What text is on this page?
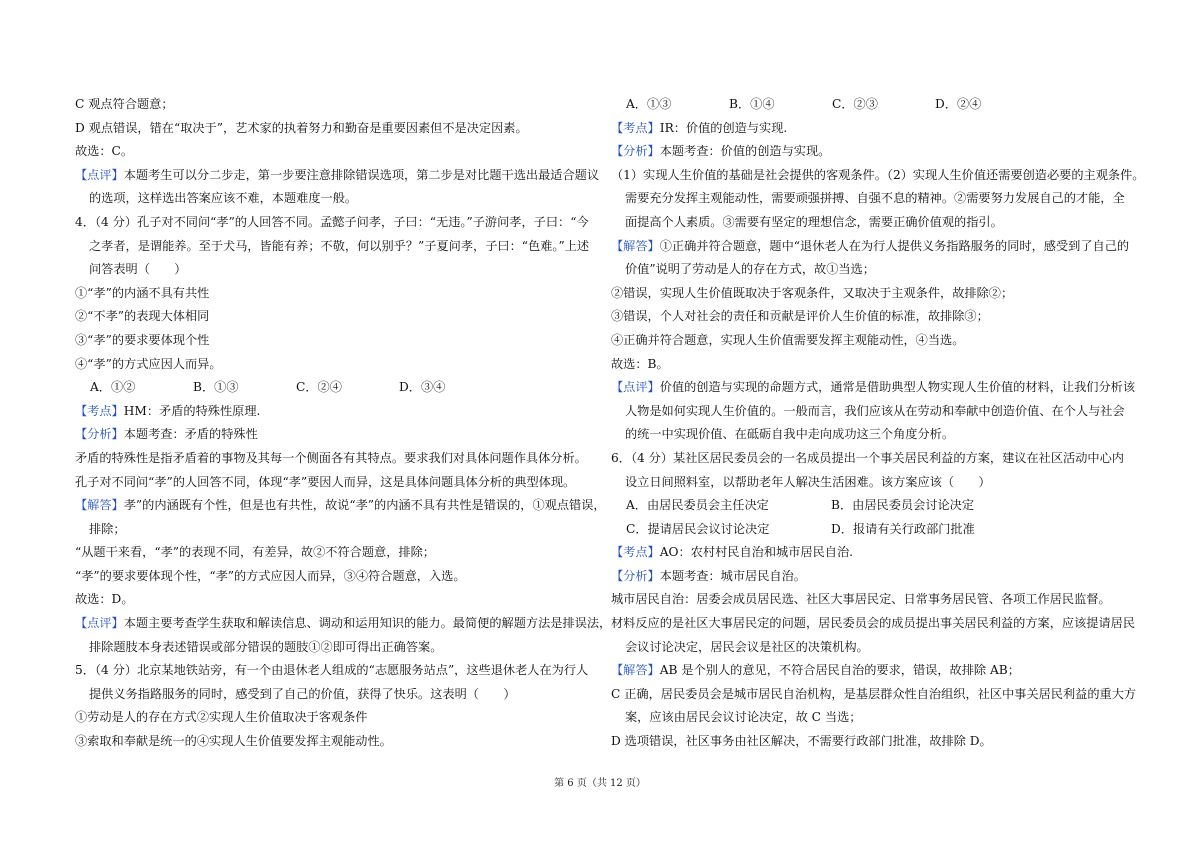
C 观点符合题意；
D 观点错误，错在“取决于”，艺术家的执着努力和勤奋是重要因素但不是决定因素。
故选：C。
【点评】本题考生可以分二步走，第一步要注意排除错误选项，第二步是对比题干选出最适合题议
的选项，这样选出答案应该不难，本题难度一般。
4．（4 分）孔子对不同问“孝”的人回答不同。孟懿子问孝，子曰：“无违。”子游问孝，子曰：“今
之孝者，是谓能养。至于犬马，皆能有养；不敬，何以别乎？”子夏问孝，子曰：“色难。”上述
问答表明（　　）
①“孝”的内涵不具有共性
②“不孝”的表现大体相同
③“孝”的要求要体现个性
④“孝”的方式应因人而异。
A．①②	B．①③	C．②④	D．③④
【考点】HM：矛盾的特殊性原理.
【分析】本题考查：矛盾的特殊性
矛盾的特殊性是指矛盾着的事物及其每一个侧面各有其特点。要求我们对具体问题作具体分析。
孔子对不同问“孝”的人回答不同，体现“孝”要因人而异，这是具体问题具体分析的典型体现。
【解答】孝”的内涵既有个性，但是也有共性，故说“孝”的内涵不具有共性是错误的，①观点错误，
排除；
“从题干来看，“孝”的表现不同，有差异，故②不符合题意，排除；
“孝”的要求要体现个性，“孝”的方式应因人而异，③④符合题意，入选。
故选：D。
【点评】本题主要考查学生获取和解读信息、调动和运用知识的能力。最简便的解题方法是排误法，
排除题肢本身表述错误或部分错误的题肢①②即可得出正确答案。
5．（4 分）北京某地铁站旁，有一个由退休老人组成的“志愿服务站点”，这些退休老人在为行人
提供义务指路服务的同时，感受到了自己的价值，获得了快乐。这表明（　　）
①劳动是人的存在方式②实现人生价值取决于客观条件
③索取和奉献是统一的④实现人生价值要发挥主观能动性。
A．①③	B．①④	C．②③	D．②④
【考点】IR：价值的创造与实现.
【分析】本题考查：价值的创造与实现。
（1）实现人生价值的基础是社会提供的客观条件。（2）实现人生价值还需要创造必要的主观条件。
需要充分发挥主观能动性，需要顽强拼搏、自强不息的精神。②需要努力发展自己的才能，全
面提高个人素质。③需要有坚定的理想信念，需要正确价值观的指引。
【解答】①正确并符合题意，题中“退休老人在为行人提供义务指路服务的同时，感受到了自己的
价值”说明了劳动是人的存在方式，故①当选；
②错误，实现人生价值既取决于客观条件，又取决于主观条件，故排除②；
③错误，个人对社会的责任和贡献是评价人生价值的标准，故排除③；
④正确并符合题意，实现人生价值需要发挥主观能动性，④当选。
故选：B。
【点评】价值的创造与实现的命题方式，通常是借助典型人物实现人生价值的材料，让我们分析该
人物是如何实现人生价值的。一般而言，我们应该从在劳动和奉献中创造价值、在个人与社会
的统一中实现价值、在砥砺自我中走向成功这三个角度分析。
6．（4 分）某社区居民委员会的一名成员提出一个事关居民利益的方案，建议在社区活动中心内
设立日间照料室，以帮助老年人解决生活困难。该方案应该（　　）
A．由居民委员会主任决定	B．由居民委员会讨论决定
C．提请居民会议讨论决定	D．报请有关行政部门批准
【考点】AO：农村村民自治和城市居民自治.
【分析】本题考查：城市居民自治。
城市居民自治：居委会成员居民选、社区大事居民定、日常事务居民管、各项工作居民监督。
材料反应的是社区大事居民定的问题，居民委员会的成员提出事关居民利益的方案，应该提请居民
会议讨论决定，居民会议是社区的决策机构。
【解答】AB 是个别人的意见，不符合居民自治的要求，错误，故排除 AB；
C 正确，居民委员会是城市居民自治机构，是基层群众性自治组织，社区中事关居民利益的重大方
案，应该由居民会议讨论决定，故 C 当选；
D 选项错误，社区事务由社区解决，不需要行政部门批准，故排除 D。
第 6 页（共 12 页）
